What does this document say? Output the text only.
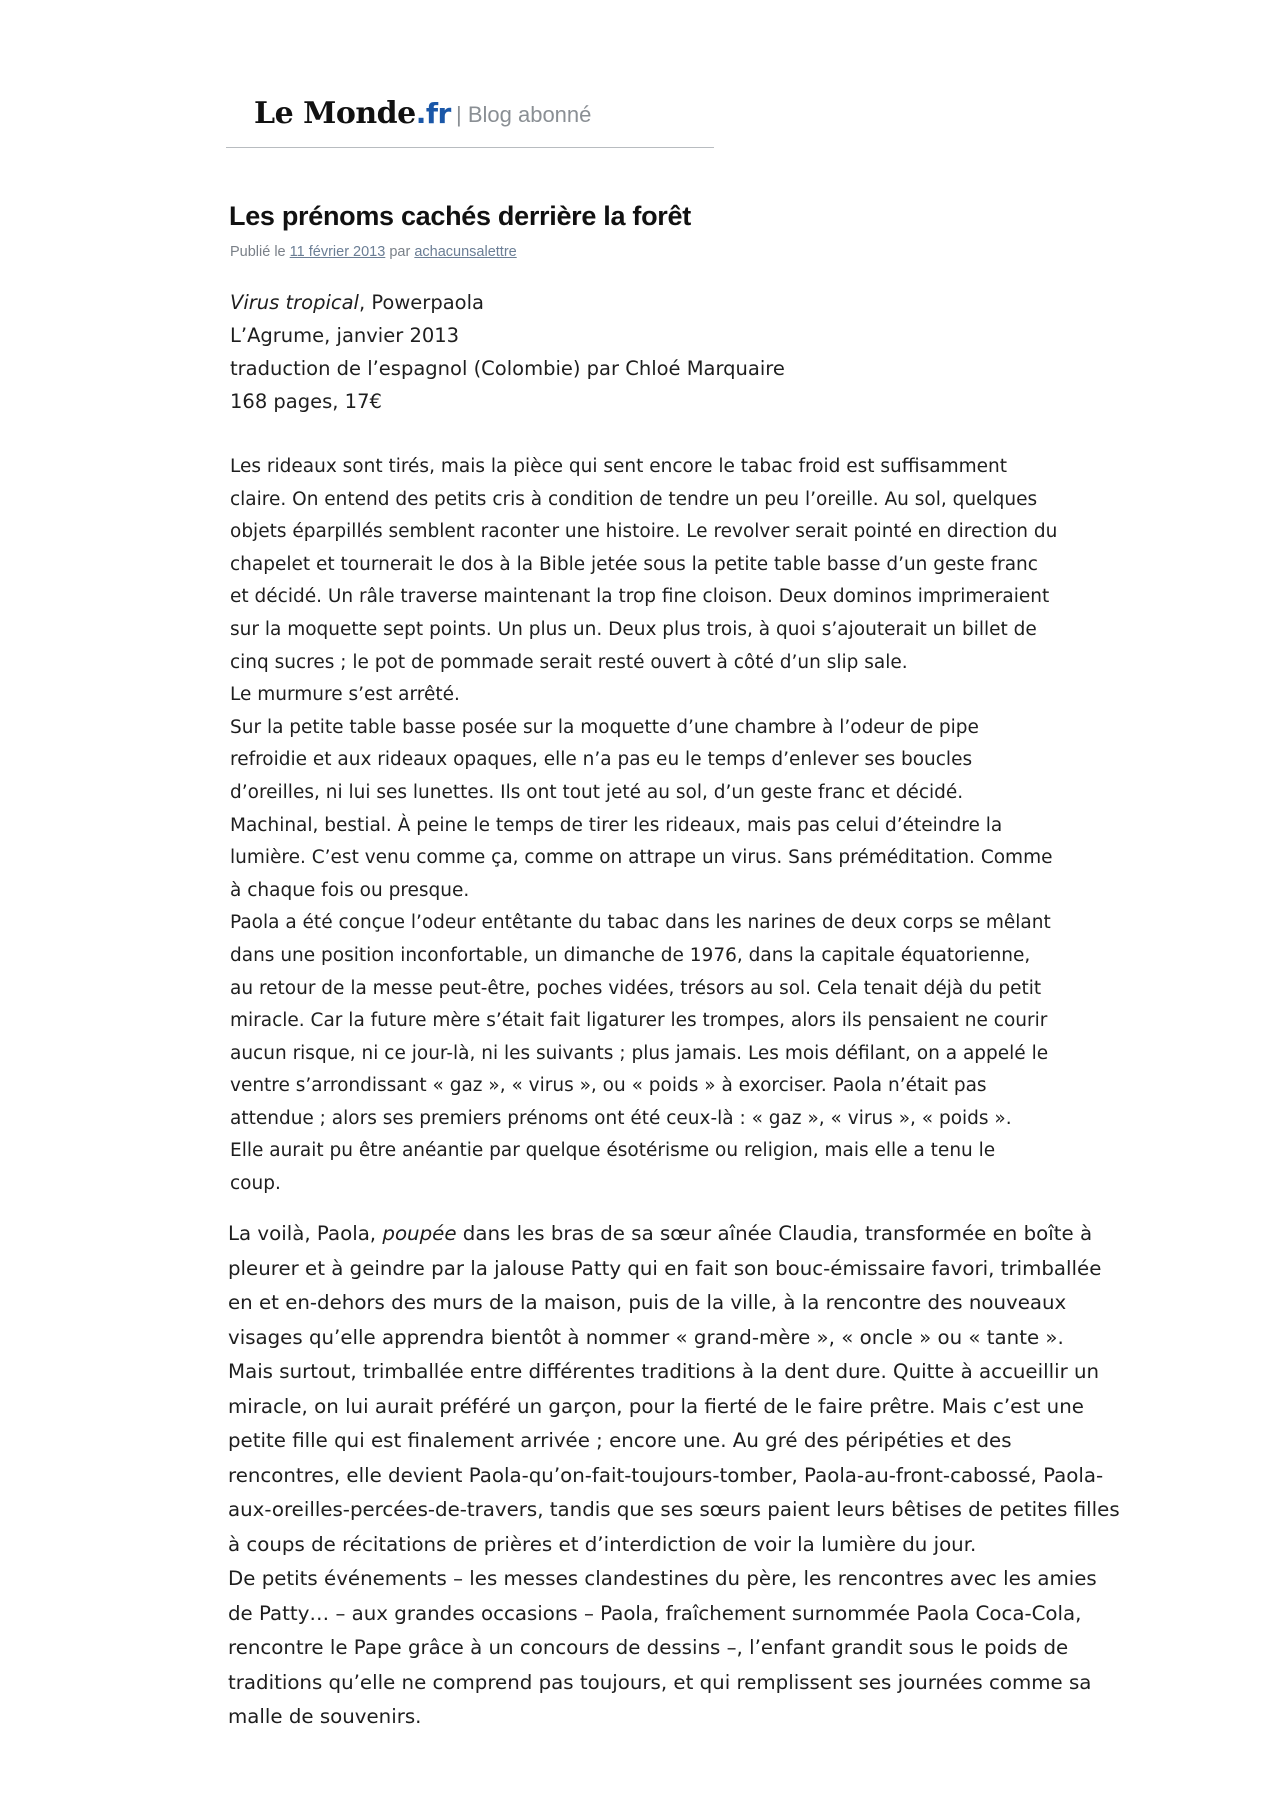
Le Monde.fr | Blog abonné
Les prénoms cachés derrière la forêt
Publié le 11 février 2013 par achacunsalettre
Virus tropical, Powerpaola
L’Agrume, janvier 2013
traduction de l’espagnol (Colombie) par Chloé Marquaire
168 pages, 17€
Les rideaux sont tirés, mais la pièce qui sent encore le tabac froid est suffisamment
claire. On entend des petits cris à condition de tendre un peu l’oreille. Au sol, quelques
objets éparpillés semblent raconter une histoire. Le revolver serait pointé en direction du
chapelet et tournerait le dos à la Bible jetée sous la petite table basse d’un geste franc
et décidé. Un râle traverse maintenant la trop fine cloison. Deux dominos imprimeraient
sur la moquette sept points. Un plus un. Deux plus trois, à quoi s’ajouterait un billet de
cinq sucres ; le pot de pommade serait resté ouvert à côté d’un slip sale.
Le murmure s’est arrêté.
Sur la petite table basse posée sur la moquette d’une chambre à l’odeur de pipe
refroidie et aux rideaux opaques, elle n’a pas eu le temps d’enlever ses boucles
d’oreilles, ni lui ses lunettes. Ils ont tout jeté au sol, d’un geste franc et décidé.
Machinal, bestial. À peine le temps de tirer les rideaux, mais pas celui d’éteindre la
lumière. C’est venu comme ça, comme on attrape un virus. Sans préméditation. Comme
à chaque fois ou presque.
Paola a été conçue l’odeur entêtante du tabac dans les narines de deux corps se mêlant
dans une position inconfortable, un dimanche de 1976, dans la capitale équatorienne,
au retour de la messe peut-être, poches vidées, trésors au sol. Cela tenait déjà du petit
miracle. Car la future mère s’était fait ligaturer les trompes, alors ils pensaient ne courir
aucun risque, ni ce jour-là, ni les suivants ; plus jamais. Les mois défilant, on a appelé le
ventre s’arrondissant « gaz », « virus », ou « poids » à exorciser. Paola n’était pas
attendue ; alors ses premiers prénoms ont été ceux-là : « gaz », « virus », « poids ».
Elle aurait pu être anéantie par quelque ésotérisme ou religion, mais elle a tenu le
coup.
La voilà, Paola, poupée dans les bras de sa sœur aînée Claudia, transformée en boîte à
pleurer et à geindre par la jalouse Patty qui en fait son bouc-émissaire favori, trimballée
en et en-dehors des murs de la maison, puis de la ville, à la rencontre des nouveaux
visages qu’elle apprendra bientôt à nommer « grand-mère », « oncle » ou « tante ».
Mais surtout, trimballée entre différentes traditions à la dent dure. Quitte à accueillir un
miracle, on lui aurait préféré un garçon, pour la fierté de le faire prêtre. Mais c’est une
petite fille qui est finalement arrivée ; encore une. Au gré des péripéties et des
rencontres, elle devient Paola-qu’on-fait-toujours-tomber, Paola-au-front-cabossé, Paola-
aux-oreilles-percées-de-travers, tandis que ses sœurs paient leurs bêtises de petites filles
à coups de récitations de prières et d’interdiction de voir la lumière du jour.
De petits événements – les messes clandestines du père, les rencontres avec les amies
de Patty… – aux grandes occasions – Paola, fraîchement surnommée Paola Coca-Cola,
rencontre le Pape grâce à un concours de dessins –, l’enfant grandit sous le poids de
traditions qu’elle ne comprend pas toujours, et qui remplissent ses journées comme sa
malle de souvenirs.
